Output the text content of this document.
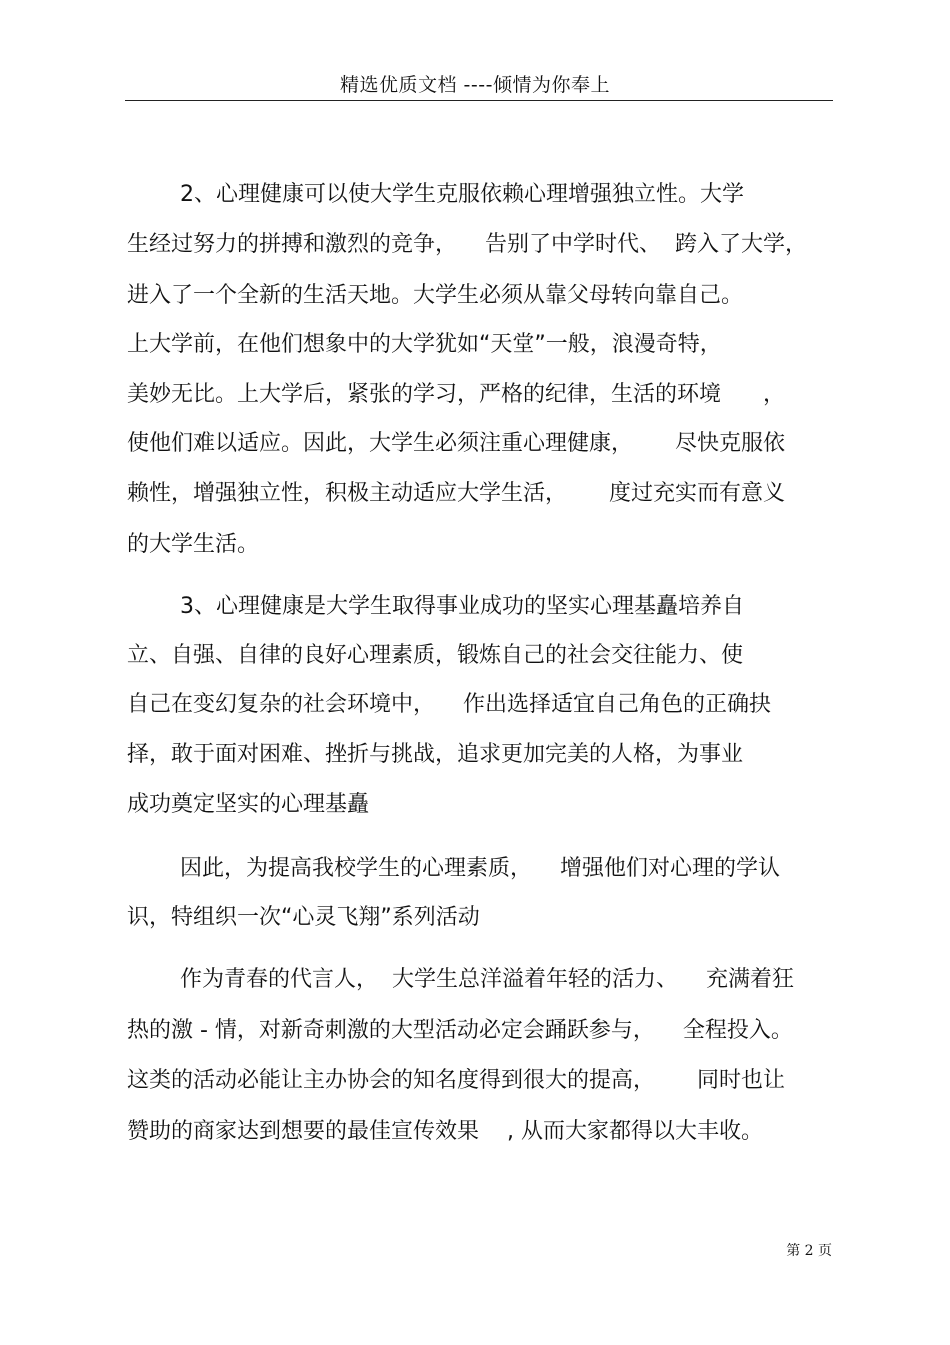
精选优质文档 ----倾情为你奉上
2、心理健康可以使大学生克服依赖心理增强独立性。大学
生经过努力的拼搏和激烈的竞争，    告别了中学时代、  跨入了大学，
进入了一个全新的生活天地。大学生必须从靠父母转向靠自己。
上大学前，在他们想象中的大学犹如“天堂”一般，浪漫奇特，
美妙无比。上大学后，紧张的学习，严格的纪律，生活的环境      ，
使他们难以适应。因此，大学生必须注重心理健康，      尽快克服依
赖性，增强独立性，积极主动适应大学生活，      度过充实而有意义
的大学生活。
3、心理健康是大学生取得事业成功的坚实心理基矗培养自
立、自强、自律的良好心理素质，锻炼自己的社会交往能力、使
自己在变幻复杂的社会环境中，    作出选择适宜自己角色的正确抉
择，敢于面对困难、挫折与挑战，追求更加完美的人格，为事业
成功奠定坚实的心理基矗
因此，为提高我校学生的心理素质，    增强他们对心理的学认
识，特组织一次“心灵飞翔”系列活动
作为青春的代言人，  大学生总洋溢着年轻的活力、    充满着狂
热的激 - 情，对新奇刺激的大型活动必定会踊跃参与，    全程投入。
这类的活动必能让主办协会的知名度得到很大的提高，      同时也让
赞助的商家达到想要的最佳宣传效果    , 从而大家都得以大丰收。
第 2 页
